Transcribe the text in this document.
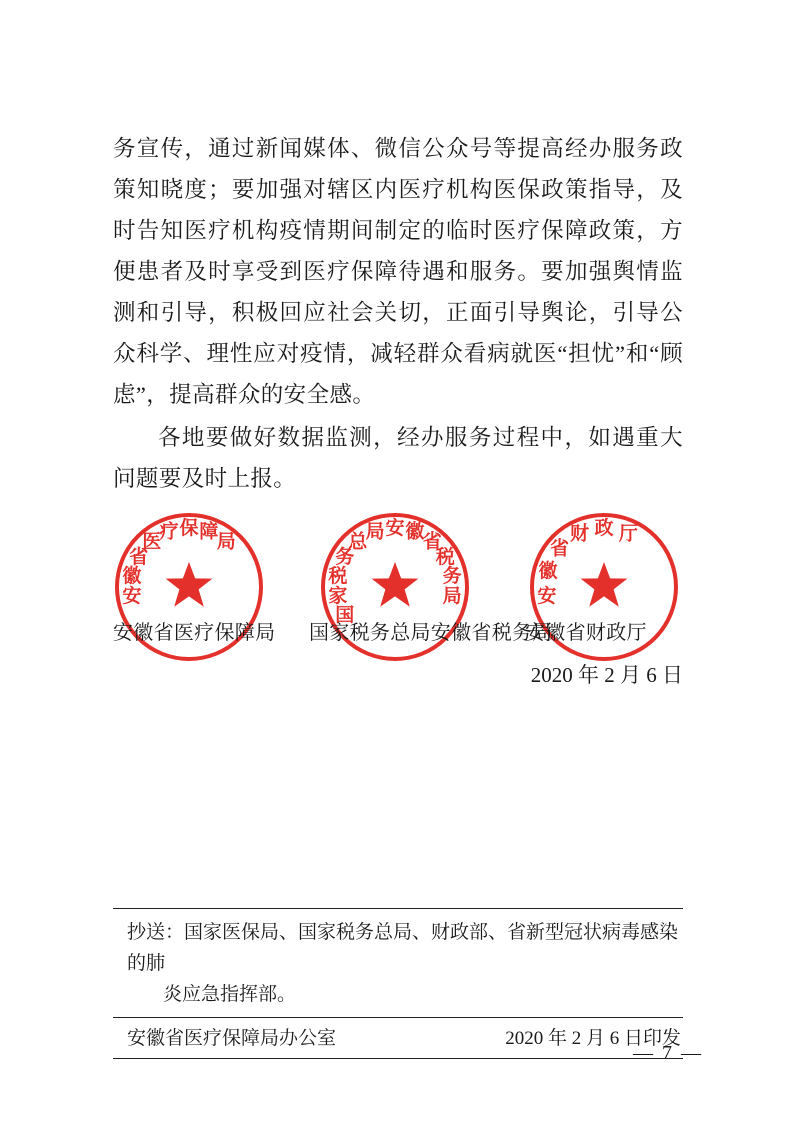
务宣传，通过新闻媒体、微信公众号等提高经办服务政策知晓度；要加强对辖区内医疗机构医保政策指导，及时告知医疗机构疫情期间制定的临时医疗保障政策，方便患者及时享受到医疗保障待遇和服务。要加强舆情监测和引导，积极回应社会关切，正面引导舆论，引导公众科学、理性应对疫情，减轻群众看病就医“担忧”和“顾虑”，提高群众的安全感。

各地要做好数据监测，经办服务过程中，如遇重大问题要及时上报。

安
徽
省
医
疗 保 障
局
国
家
税
务
总
局 安 徽
省
税
务
局	安
徽
省
财 政 厅
安徽省医疗保障局 国家税务总局安徽省税务局安徽省财政厅
2020 年 2 月 6 日
抄送：国家医保局、国家税务总局、财政部、省新型冠状病毒感染的肺
炎应急指挥部。
安徽省医疗保障局办公室	2020 年 2 月 6 日印发
— 7 —
